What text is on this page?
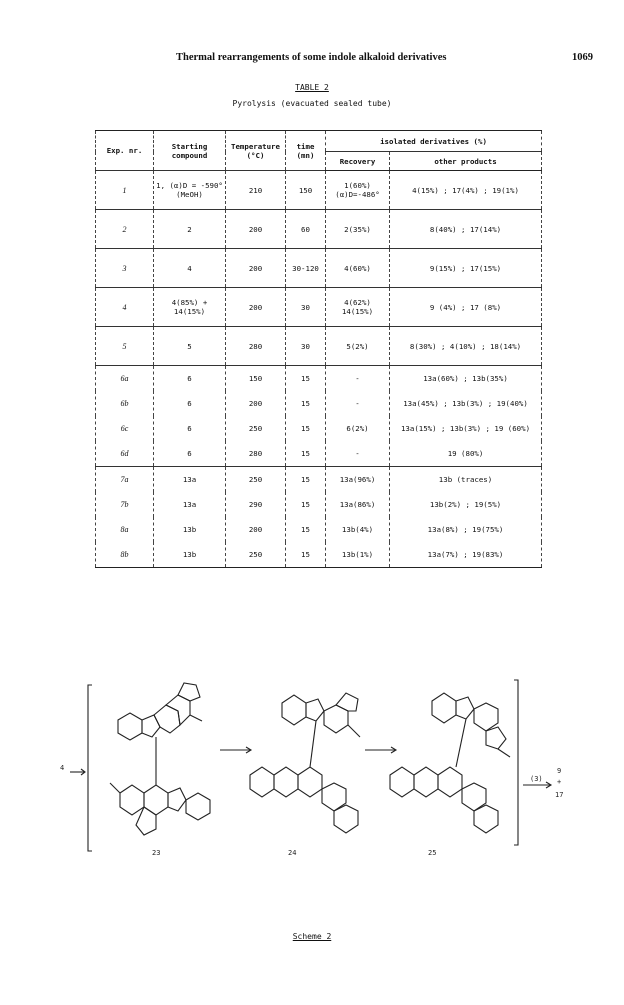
Thermal rearrangements of some indole alkaloid derivatives	1069
TABLE 2
Pyrolysis (evacuated sealed tube)
Exp. nr.	Starting compound	Temperature (°C)	time (mn)	isolated derivatives (%)	
				Recovery	other products
1	1, (α)D = -590° (MeOH)	210	150	1(60%) (α)D=-486°	4(15%) ; 17(4%) ; 19(1%)
2	2	200	60	2(35%)	8(40%) ; 17(14%)
3	4	200	30-120	4(60%)	9(15%) ; 17(15%)
4	4(85%) + 14(15%)	200	30	4(62%) 14(15%)	9 (4%) ; 17 (8%)
5	5	280	30	5(2%)	8(30%) ; 4(10%) ; 18(14%)
6a	6	150	15	-	13a(60%) ; 13b(35%)
6b	6	200	15	-	13a(45%) ; 13b(3%) ; 19(40%)
6c	6	250	15	6(2%)	13a(15%) ; 13b(3%) ; 19 (60%)
6d	6	280	15	-	19 (80%)
7a	13a	250	15	13a(96%)	13b (traces)
7b	13a	290	15	13a(86%)	13b(2%) ; 19(5%)
8a	13b	200	15	13b(4%)	13a(8%) ; 19(75%)
8b	13b	250	15	13b(1%)	13a(7%) ; 19(83%)
4
23	24	25
(3)
9
+
17
Scheme 2
